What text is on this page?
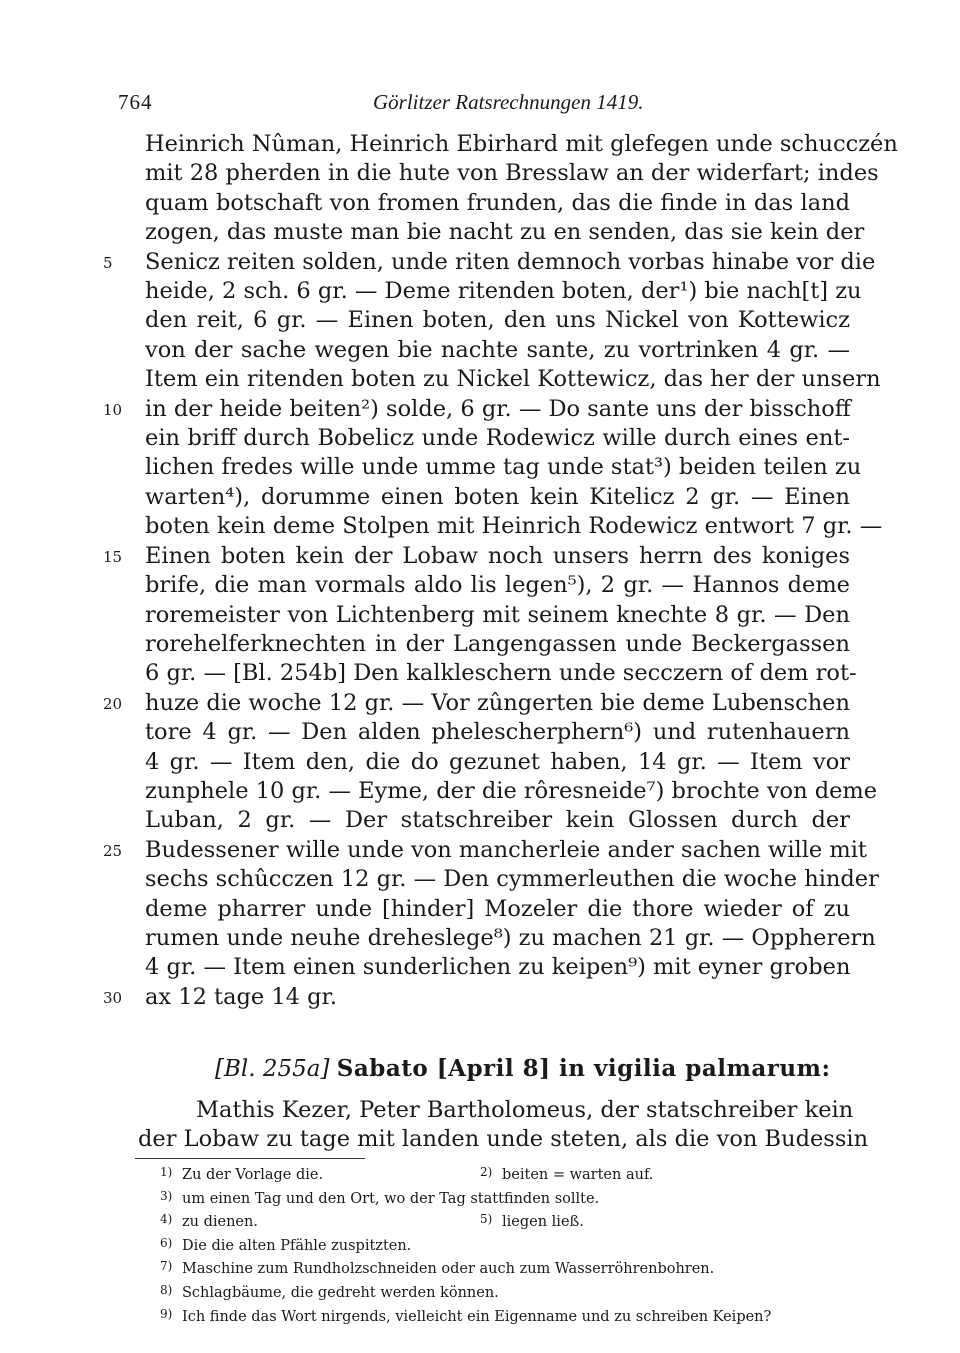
764	Görlitzer Ratsrechnungen 1419.
Heinrich Nûman, Heinrich Ebirhard mit glefegen unde schucczén
mit 28 pherden in die hute von Bresslaw an der widerfart; indes
quam botschaft von fromen frunden, das die finde in das land
zogen, das muste man bie nacht zu en senden, das sie kein der
5 Senicz reiten solden, unde riten demnoch vorbas hinabe vor die
heide, 2 sch. 6 gr. — Deme ritenden boten, der¹) bie nach[t] zu
den reit, 6 gr. — Einen boten, den uns Nickel von Kottewicz
von der sache wegen bie nachte sante, zu vortrinken 4 gr. —
Item ein ritenden boten zu Nickel Kottewicz, das her der unsern
10 in der heide beiten²) solde, 6 gr. — Do sante uns der bisschoff
ein briff durch Bobelicz unde Rodewicz wille durch eines ent-
lichen fredes wille unde umme tag unde stat³) beiden teilen zu
warten⁴), dorumme einen boten kein Kitelicz 2 gr. — Einen
boten kein deme Stolpen mit Heinrich Rodewicz entwort 7 gr. —
15 Einen boten kein der Lobaw noch unsers herrn des koniges
brife, die man vormals aldo lis legen⁵), 2 gr. — Hannos deme
roremeister von Lichtenberg mit seinem knechte 8 gr. — Den
rorehelferknechten in der Langengassen unde Beckergassen
6 gr. — [Bl. 254b] Den kalkleschern unde secczern of dem rot-
20 huze die woche 12 gr. — Vor zûngerten bie deme Lubenschen
tore 4 gr. — Den alden phelescherphern⁶) und rutenhauern
4 gr. — Item den, die do gezunet haben, 14 gr. — Item vor
zunphele 10 gr. — Eyme, der die rôresneide⁷) brochte von deme
Luban, 2 gr. — Der statschreiber kein Glossen durch der
25 Budessener wille unde von mancherleie ander sachen wille mit
sechs schûcczen 12 gr. — Den cymmerleuthen die woche hinder
deme pharrer unde [hinder] Mozeler die thore wieder of zu
rumen unde neuhe dreheslege⁸) zu machen 21 gr. — Oppherern
4 gr. — Item einen sunderlichen zu keipen⁹) mit eyner groben
30 ax 12 tage 14 gr.
[Bl. 255a] Sabato [April 8] in vigilia palmarum:
Mathis Kezer, Peter Bartholomeus, der statschreiber kein
der Lobaw zu tage mit landen unde steten, als die von Budessin
1) Zu der Vorlage die.	2) beiten = warten auf.
3) um einen Tag und den Ort, wo der Tag stattfinden sollte.
4) zu dienen.	5) liegen ließ.
6) Die die alten Pfähle zuspitzten.
7) Maschine zum Rundholzschneiden oder auch zum Wasserröhrenbohren.
8) Schlagbäume, die gedreht werden können.
9) Ich finde das Wort nirgends, vielleicht ein Eigenname und zu schreiben Keipen?
